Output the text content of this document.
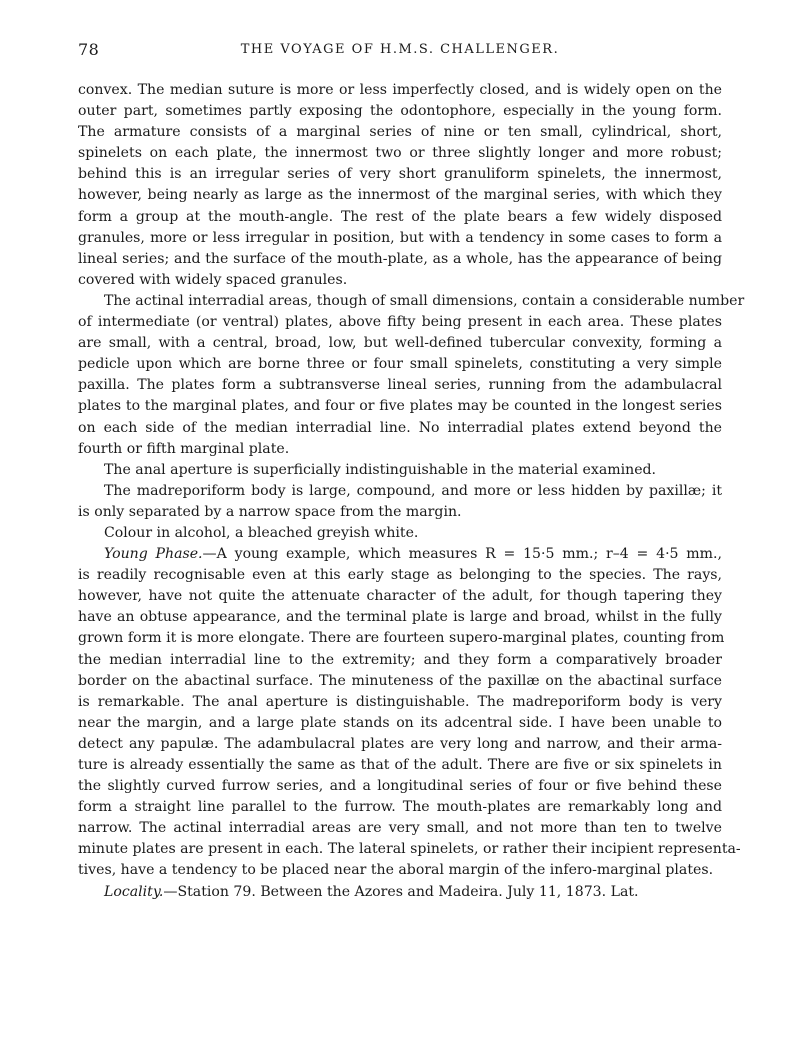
78	THE VOYAGE OF H.M.S. CHALLENGER.

convex. The median suture is more or less imperfectly closed, and is widely open on the
outer part, sometimes partly exposing the odontophore, especially in the young form.
The armature consists of a marginal series of nine or ten small, cylindrical, short,
spinelets on each plate, the innermost two or three slightly longer and more robust;
behind this is an irregular series of very short granuliform spinelets, the innermost,
however, being nearly as large as the innermost of the marginal series, with which they
form a group at the mouth-angle. The rest of the plate bears a few widely disposed
granules, more or less irregular in position, but with a tendency in some cases to form a
lineal series; and the surface of the mouth-plate, as a whole, has the appearance of being
covered with widely spaced granules.

The actinal interradial areas, though of small dimensions, contain a considerable number
of intermediate (or ventral) plates, above fifty being present in each area. These plates
are small, with a central, broad, low, but well-defined tubercular convexity, forming a
pedicle upon which are borne three or four small spinelets, constituting a very simple
paxilla. The plates form a subtransverse lineal series, running from the adambulacral
plates to the marginal plates, and four or five plates may be counted in the longest series
on each side of the median interradial line. No interradial plates extend beyond the
fourth or fifth marginal plate.

The anal aperture is superficially indistinguishable in the material examined.

The madreporiform body is large, compound, and more or less hidden by paxillæ; it
is only separated by a narrow space from the margin.

Colour in alcohol, a bleached greyish white.

Young Phase.—A young example, which measures R = 15·5 mm.; r–4 = 4·5 mm.,
is readily recognisable even at this early stage as belonging to the species. The rays,
however, have not quite the attenuate character of the adult, for though tapering they
have an obtuse appearance, and the terminal plate is large and broad, whilst in the fully
grown form it is more elongate. There are fourteen supero-marginal plates, counting from
the median interradial line to the extremity; and they form a comparatively broader
border on the abactinal surface. The minuteness of the paxillæ on the abactinal surface
is remarkable. The anal aperture is distinguishable. The madreporiform body is very
near the margin, and a large plate stands on its adcentral side. I have been unable to
detect any papulæ. The adambulacral plates are very long and narrow, and their arma-
ture is already essentially the same as that of the adult. There are five or six spinelets in
the slightly curved furrow series, and a longitudinal series of four or five behind these
form a straight line parallel to the furrow. The mouth-plates are remarkably long and
narrow. The actinal interradial areas are very small, and not more than ten to twelve
minute plates are present in each. The lateral spinelets, or rather their incipient representa-
tives, have a tendency to be placed near the aboral margin of the infero-marginal plates.

Locality.—Station 79. Between the Azores and Madeira. July 11, 1873. Lat.
